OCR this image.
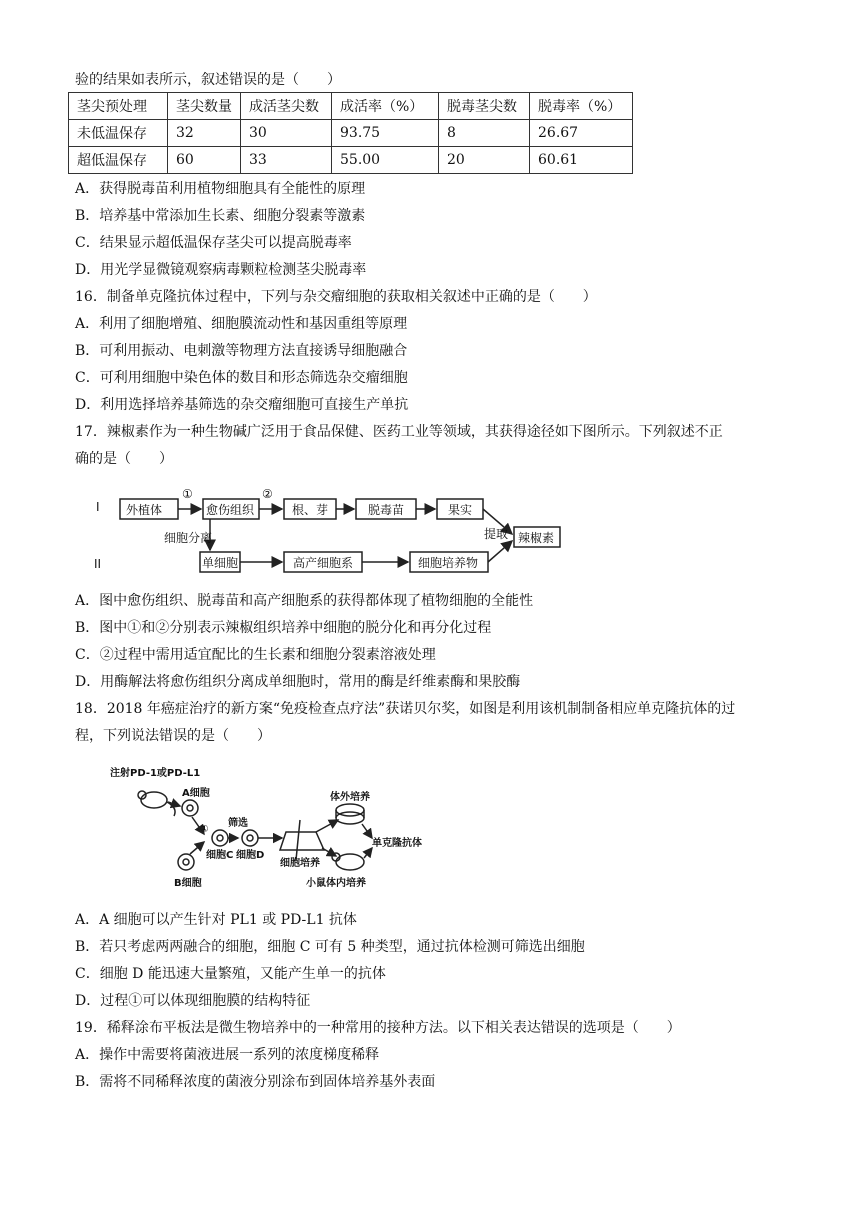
验的结果如表所示，叙述错误的是（　　）
茎尖预处理	茎尖数量	成活茎尖数	成活率（%）	脱毒茎尖数	脱毒率（%）
未低温保存	32	30	93.75	8	26.67
超低温保存	60	33	55.00	20	60.61
A．获得脱毒苗利用植物细胞具有全能性的原理
B．培养基中常添加生长素、细胞分裂素等激素
C．结果显示超低温保存茎尖可以提高脱毒率
D．用光学显微镜观察病毒颗粒检测茎尖脱毒率
16．制备单克隆抗体过程中，下列与杂交瘤细胞的获取相关叙述中正确的是（　　）
A．利用了细胞增殖、细胞膜流动性和基因重组等原理
B．可利用振动、电刺激等物理方法直接诱导细胞融合
C．可利用细胞中染色体的数目和形态筛选杂交瘤细胞
D．利用选择培养基筛选的杂交瘤细胞可直接生产单抗
17．辣椒素作为一种生物碱广泛用于食品保健、医药工业等领域，其获得途径如下图所示。下列叙述不正
确的是（　　）
I
II
外植体
①
愈伤组织
②
根、芽	脱毒苗	果实
提取 辣椒素
细胞分离
单细胞	高产细胞系	细胞培养物
A．图中愈伤组织、脱毒苗和高产细胞系的获得都体现了植物细胞的全能性
B．图中①和②分别表示辣椒组织培养中细胞的脱分化和再分化过程
C．②过程中需用适宜配比的生长素和细胞分裂素溶液处理
D．用酶解法将愈伤组织分离成单细胞时，常用的酶是纤维素酶和果胶酶
18．2018 年癌症治疗的新方案“免疫检查点疗法”获诺贝尔奖，如图是利用该机制制备相应单克隆抗体的过
程，下列说法错误的是（　　）
注射PD-1或PD-L1
A细胞
①
筛选
细胞C 细胞D
B细胞
体外培养
细胞培养
单克隆抗体
小鼠体内培养
A．A 细胞可以产生针对 PL1 或 PD-L1 抗体
B．若只考虑两两融合的细胞，细胞 C 可有 5 种类型，通过抗体检测可筛选出细胞
C．细胞 D 能迅速大量繁殖，又能产生单一的抗体
D．过程①可以体现细胞膜的结构特征
19．稀释涂布平板法是微生物培养中的一种常用的接种方法。以下相关表达错误的选项是（　　）
A．操作中需要将菌液进展一系列的浓度梯度稀释
B．需将不同稀释浓度的菌液分别涂布到固体培养基外表面
